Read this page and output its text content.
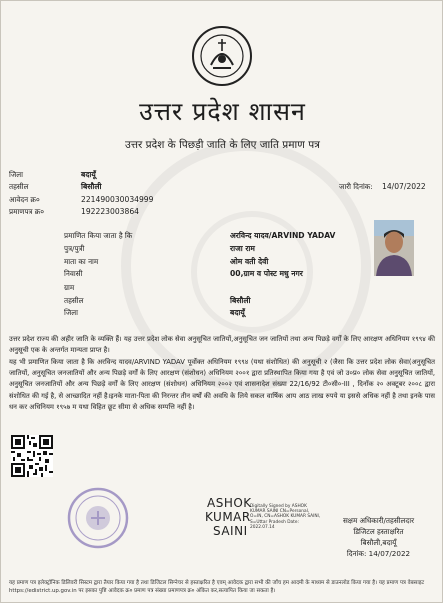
उत्तर प्रदेश शासन
उत्तर प्रदेश के पिछड़ी जाति के लिए जाति प्रमाण पत्र
जिला	बदायूँ
तहसील	बिसौली
आवेदन क्र०	221490030034999
प्रमाणपत्र क्र०	192223003864
जारी दिनांक: 14/07/2022
प्रमाणित किया जाता है कि	अरविन्द यादव/ARVIND YADAV
पुत्र/पुत्री	राजा राम
माता का नाम	ओम वती देवी
निवासी	00,ग्राम व पोस्ट मधु नगर
ग्राम
तहसील	बिसौली
जिला	बदायूँ
उत्तर प्रदेश राज्य की अहीर जाति के व्यक्ति हैं। यह उत्तर प्रदेश लोक सेवा अनुसूचित जातियों,अनुसूचित जन जातियों तथा अन्य पिछड़े वर्गों के लिए आरक्षण अधिनियम १९९४ की अनुसूची एक के अन्तर्गत मान्यता प्राप्त है।
यह भी प्रमाणित किया जाता है कि अरविन्द यादव/ARVIND YADAV पूर्वोक्त अधिनियम १९९४ (यथा संशोधित) की अनुसूची २ (जैसा कि उत्तर प्रदेश लोक सेवा(अनुसूचित जातियों, अनुसूचित जनजातियों और अन्य पिछड़े वर्गों के लिए आरक्षण (संशोधन) अधिनियम २००१ द्वारा प्रतिस्थापित किया गया है एवं जो उ०प्र० लोक सेवा अनुसूचित जातियों, अनुसूचित जनजातियों और अन्य पिछड़े वर्गों के लिए आरक्षण (संशोधन) अधिनियम २००२ एवं शासनादेश संख्या 22/16/92 टी०सी०-III , दिनाँक २० अक्टूबर २००८ द्वारा संशोधित की गई है, से आच्छादित नहीं है।इनके माता-पिता की निरन्तर तीन वर्षों की अवधि के लिये सकल वार्षिक आय आठ लाख रुपये या इससे अधिक नहीं है तथा इनके पास धन कर अधिनियम १९५७ म यथा विहित छूट सीमा से अधिक सम्पत्ति नहीं है।
ASHOK
KUMAR
SAINI
Digitally Signed by ASHOK KUMAR SAINI CN=Personal, O=IN, CN=ASHOK KUMAR SAINI, S=Uttar Pradesh Date: 2022.07.14
सक्षम अधिकारी/तहसीलदार
डिजिटल हस्ताक्षरित
बिसौली,बदायूँ
दिनांक: 14/07/2022
यह प्रमाण पत्र इलेक्ट्रॉनिक डिलिवरी सिस्टम द्वारा तैयार किया गया है तथा डिजिटल सिग्नेचर से हस्ताक्षरित है एवम् आवेदक द्वारा सभी की जाँच हम आदमी के माध्यम से डाउनलोड किया गया है। यह प्रमाण पत्र वेबसाइट https://edistrict.up.gov.in पर इसका पुष्टि आवेदक क्र० प्रमाण पत्र संख्या प्रमाणपत्र क्र० अंकित कर,सत्यापित किया जा सकता है।
